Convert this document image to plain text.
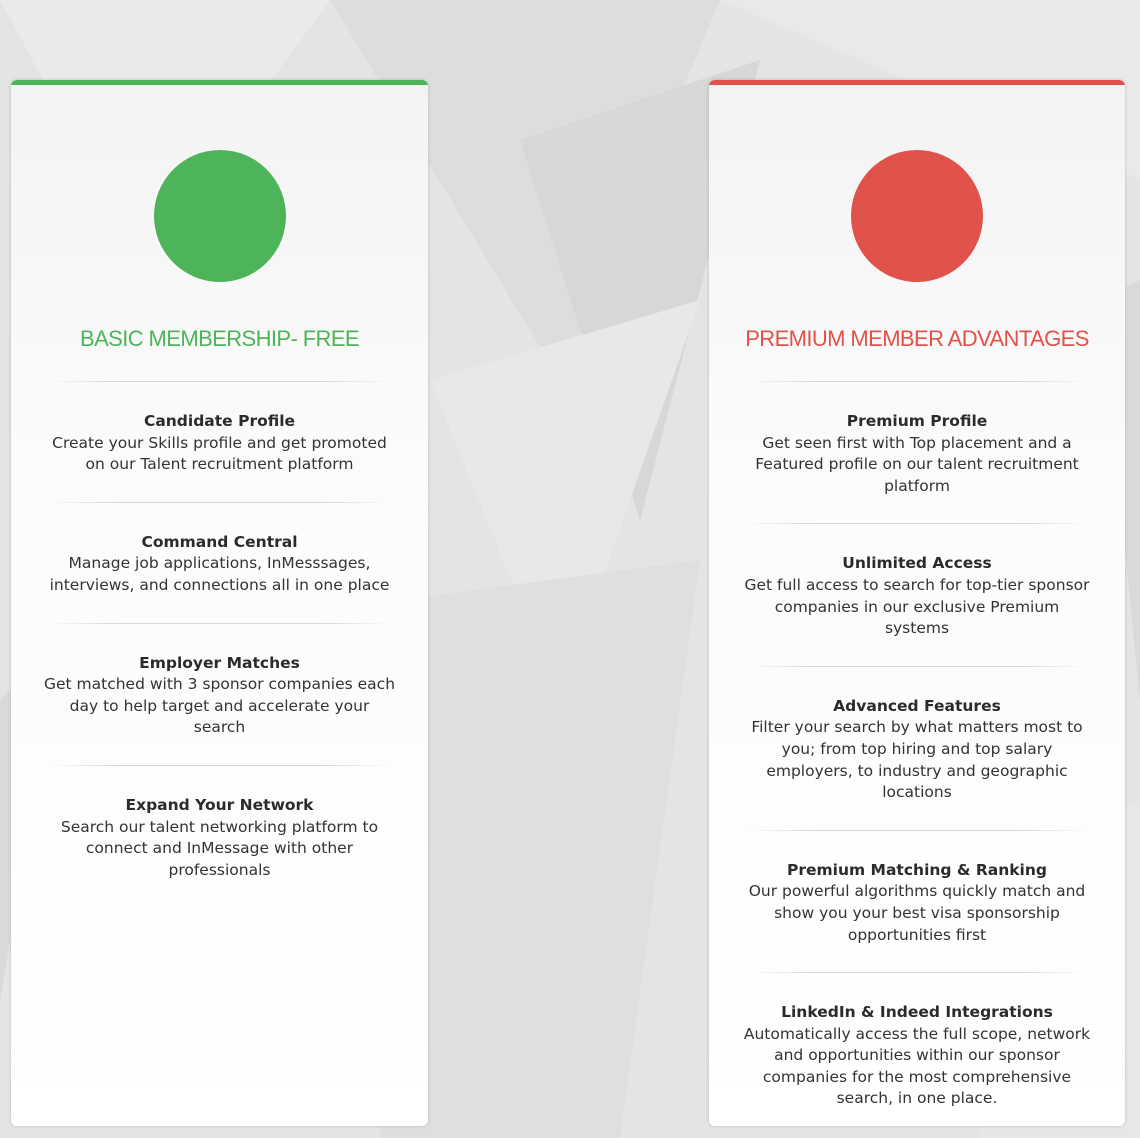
BASIC MEMBERSHIP- FREE
Candidate Profile
Create your Skills profile and get promoted on our Talent recruitment platform
Command Central
Manage job applications, InMesssages, interviews, and connections all in one place
Employer Matches
Get matched with 3 sponsor companies each day to help target and accelerate your search
Expand Your Network
Search our talent networking platform to connect and InMessage with other professionals
PREMIUM MEMBER ADVANTAGES
Premium Profile
Get seen first with Top placement and a Featured profile on our talent recruitment platform
Unlimited Access
Get full access to search for top-tier sponsor companies in our exclusive Premium systems
Advanced Features
Filter your search by what matters most to you; from top hiring and top salary employers, to industry and geographic locations
Premium Matching & Ranking
Our powerful algorithms quickly match and show you your best visa sponsorship opportunities first
LinkedIn & Indeed Integrations
Automatically access the full scope, network and opportunities within our sponsor companies for the most comprehensive search, in one place.
